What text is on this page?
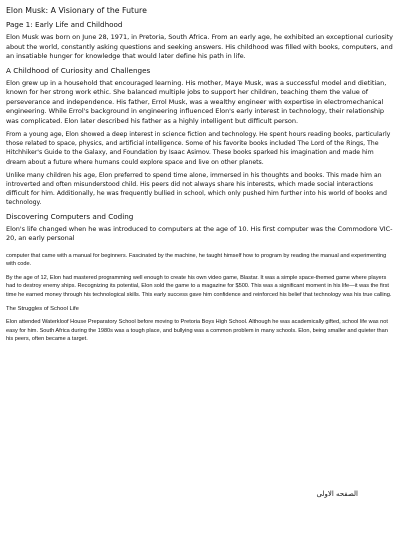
Elon Musk: A Visionary of the Future

Page 1: Early Life and Childhood

Elon Musk was born on June 28, 1971, in Pretoria, South Africa. From an early age, he exhibited an exceptional curiosity about the world, constantly asking questions and seeking answers. His childhood was filled with books, computers, and an insatiable hunger for knowledge that would later define his path in life.

A Childhood of Curiosity and Challenges

Elon grew up in a household that encouraged learning. His mother, Maye Musk, was a successful model and dietitian, known for her strong work ethic. She balanced multiple jobs to support her children, teaching them the value of perseverance and independence. His father, Errol Musk, was a wealthy engineer with expertise in electromechanical engineering. While Errol's background in engineering influenced Elon's early interest in technology, their relationship was complicated. Elon later described his father as a highly intelligent but difficult person.

From a young age, Elon showed a deep interest in science fiction and technology. He spent hours reading books, particularly those related to space, physics, and artificial intelligence. Some of his favorite books included The Lord of the Rings, The Hitchhiker's Guide to the Galaxy, and Foundation by Isaac Asimov. These books sparked his imagination and made him dream about a future where humans could explore space and live on other planets.

Unlike many children his age, Elon preferred to spend time alone, immersed in his thoughts and books. This made him an introverted and often misunderstood child. His peers did not always share his interests, which made social interactions difficult for him. Additionally, he was frequently bullied in school, which only pushed him further into his world of books and technology.

Discovering Computers and Coding

Elon's life changed when he was introduced to computers at the age of 10. His first computer was the Commodore VIC-20, an early personal

computer that came with a manual for beginners. Fascinated by the machine, he taught himself how to program by reading the manual and experimenting with code.

By the age of 12, Elon had mastered programming well enough to create his own video game, Blastar. It was a simple space-themed game where players had to destroy enemy ships. Recognizing its potential, Elon sold the game to a magazine for $500. This was a significant moment in his life—it was the first time he earned money through his technological skills. This early success gave him confidence and reinforced his belief that technology was his true calling.

The Struggles of School Life

Elon attended Waterkloof House Preparatory School before moving to Pretoria Boys High School. Although he was academically gifted, school life was not easy for him. South Africa during the 1980s was a tough place, and bullying was a common problem in many schools. Elon, being smaller and quieter than his peers, often became a target.

الصفحه الاولى
